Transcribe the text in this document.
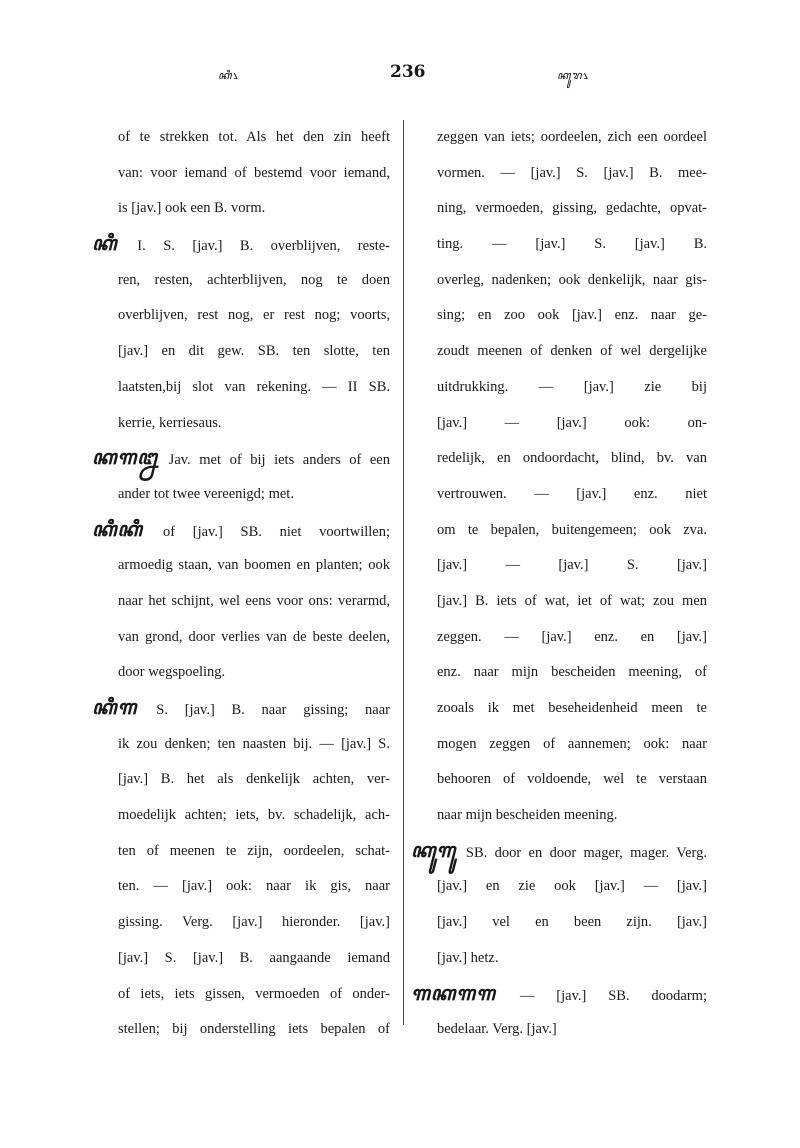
ꦏꦶ꧈	236	ꦏꦸꦫ꧈
of te strekken tot. Als het den zin heeft
van: voor iemand of bestemd voor iemand,
is [jav.] ook een B. vorm.
ꦏꦶ I. S. [jav.] B. overblijven, reste-
ren, resten, achterblijven, nog te doen
overblijven, rest nog, er rest nog; voorts,
[jav.] en dit gew. SB. ten slotte, ten
laatsten,bij slot van rekening. — II SB.
kerrie, kerriesaus.
ꦏꦒ꧒ Jav. met of bij iets anders of een
ander tot twee vereenigd; met.
ꦏꦶꦏꦶ of [jav.] SB. niet voortwillen;
armoedig staan, van boomen en planten; ook
naar het schijnt, wel eens voor ons: verarmd,
van grond, door verlies van de beste deelen,
door wegspoeling.
ꦏꦶꦒ S. [jav.] B. naar gissing; naar
ik zou denken; ten naasten bij. — [jav.] S.
[jav.] B. het als denkelijk achten, ver-
moedelijk achten; iets, bv. schadelijk, ach-
ten of meenen te zijn, oordeelen, schat-
ten. — [jav.] ook: naar ik gis, naar
gissing. Verg. [jav.] hieronder. [jav.]
[jav.] S. [jav.] B. aangaande iemand
of iets, iets gissen, vermoeden of onder-
stellen; bij onderstelling iets bepalen of
zeggen van iets; oordeelen, zich een oordeel
vormen. — [jav.] S. [jav.] B. mee-
ning, vermoeden, gissing, gedachte, opvat-
ting. — [jav.] S. [jav.] B.
overleg, nadenken; ook denkelijk, naar gis-
sing; en zoo ook [jav.] enz. naar ge-
zoudt meenen of denken of wel dergelijke
uitdrukking. — [jav.] zie bij
[jav.] — [jav.] ook: on-
redelijk, en ondoordacht, blind, bv. van
vertrouwen. — [jav.] enz. niet
om te bepalen, buitengemeen; ook zva.
[jav.] — [jav.] S. [jav.]
[jav.] B. iets of wat, iet of wat; zou men
zeggen. — [jav.] enz. en [jav.]
enz. naar mijn bescheiden meening, of
zooals ik met beseheidenheid meen te
mogen zeggen of aannemen; ook: naar
behooren of voldoende, wel te verstaan
naar mijn bescheiden meening.
ꦏꦸꦒꦸ SB. door en door mager, mager. Verg.
[jav.] en zie ook [jav.] — [jav.]
[jav.] vel en been zijn. [jav.]
[jav.] hetz.
ꦒꦏꦒꦒ — [jav.] SB. doodarm;
bedelaar. Verg. [jav.]
